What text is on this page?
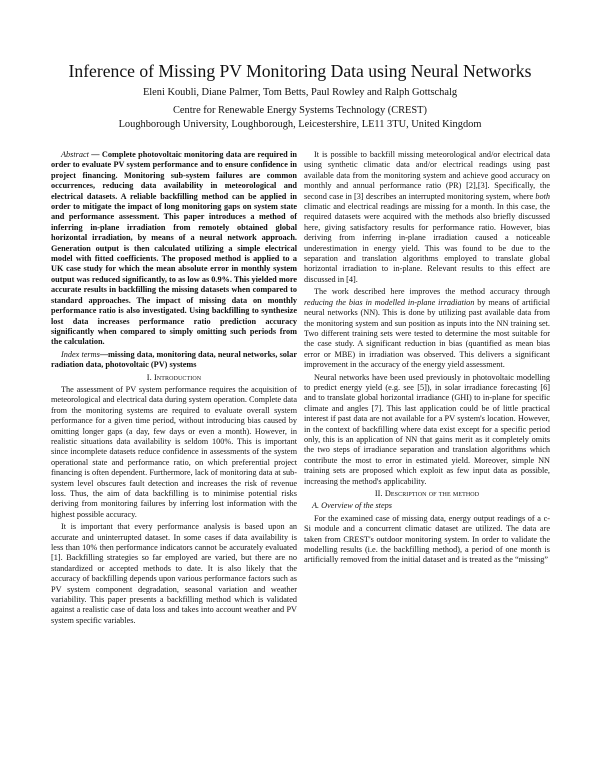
Inference of Missing PV Monitoring Data using Neural Networks
Eleni Koubli, Diane Palmer, Tom Betts, Paul Rowley and Ralph Gottschalg
Centre for Renewable Energy Systems Technology (CREST)
Loughborough University, Loughborough, Leicestershire, LE11 3TU, United Kingdom

Abstract — Complete photovoltaic monitoring data are required in order to evaluate PV system performance and to ensure confidence in project financing. Monitoring sub-system failures are common occurrences, reducing data availability in meteorological and electrical datasets. A reliable backfilling method can be applied in order to mitigate the impact of long monitoring gaps on system state and performance assessment. This paper introduces a method of inferring in-plane irradiation from remotely obtained global horizontal irradiation, by means of a neural network approach. Generation output is then calculated utilizing a simple electrical model with fitted coefficients. The proposed method is applied to a UK case study for which the mean absolute error in monthly system output was reduced significantly, to as low as 0.9%. This yielded more accurate results in backfilling the missing datasets when compared to standard approaches. The impact of missing data on monthly performance ratio is also investigated. Using backfilling to synthesize lost data increases performance ratio prediction accuracy significantly when compared to simply omitting such periods from the calculation.

Index terms—missing data, monitoring data, neural networks, solar radiation data, photovoltaic (PV) systems

I. Introduction

The assessment of PV system performance requires the acquisition of meteorological and electrical data during system operation. Complete data from the monitoring systems are required to evaluate overall system performance for a given time period, without introducing bias caused by omitting longer gaps (a day, few days or even a month). However, in realistic situations data availability is seldom 100%. This is important since incomplete datasets reduce confidence in assessments of the system operational state and performance ratio, on which preferential project financing is often dependent. Furthermore, lack of monitoring data at sub-system level obscures fault detection and increases the risk of revenue loss. Thus, the aim of data backfilling is to minimise potential risks deriving from monitoring failures by inferring lost information with the highest possible accuracy.

It is important that every performance analysis is based upon an accurate and uninterrupted dataset. In some cases if data availability is less than 10% then performance indicators cannot be accurately evaluated [1]. Backfilling strategies so far employed are varied, but there are no standardized or accepted methods to date. It is also likely that the accuracy of backfilling depends upon various performance factors such as PV system component degradation, seasonal variation and weather variability. This paper presents a backfilling method which is validated against a realistic case of data loss and takes into account weather and PV system specific variables.

It is possible to backfill missing meteorological and/or electrical data using synthetic climatic data and/or electrical readings using past available data from the monitoring system and achieve good accuracy on monthly and annual performance ratio (PR) [2],[3]. Specifically, the second case in [3] describes an interrupted monitoring system, where both climatic and electrical readings are missing for a month. In this case, the required datasets were acquired with the methods also briefly discussed here, giving satisfactory results for performance ratio. However, bias deriving from inferring in-plane irradiation caused a noticeable underestimation in energy yield. This was found to be due to the separation and translation algorithms employed to translate global horizontal irradiation to in-plane. Relevant results to this effect are discussed in [4].

The work described here improves the method accuracy through reducing the bias in modelled in-plane irradiation by means of artificial neural networks (NN). This is done by utilizing past available data from the monitoring system and sun position as inputs into the NN training set. Two different training sets were tested to determine the most suitable for the case study. A significant reduction in bias (quantified as mean bias error or MBE) in irradiation was observed. This delivers a significant improvement in the accuracy of the energy yield assessment.

Neural networks have been used previously in photovoltaic modelling to predict energy yield (e.g. see [5]), in solar irradiance forecasting [6] and to translate global horizontal irradiance (GHI) to in-plane for specific climate and angles [7]. This last application could be of little practical interest if past data are not available for a PV system's location. However, in the context of backfilling where data exist except for a specific period only, this is an application of NN that gains merit as it completely omits the two steps of irradiance separation and translation algorithms which contribute the most to error in estimated yield. Moreover, simple NN training sets are proposed which exploit as few input data as possible, increasing the method's applicability.

II. Description of the method

A. Overview of the steps

For the examined case of missing data, energy output readings of a c-Si module and a concurrent climatic dataset are utilized. The data are taken from CREST's outdoor monitoring system. In order to validate the modelling results (i.e. the backfilling method), a period of one month is artificially removed from the initial dataset and is treated as the “missing”
